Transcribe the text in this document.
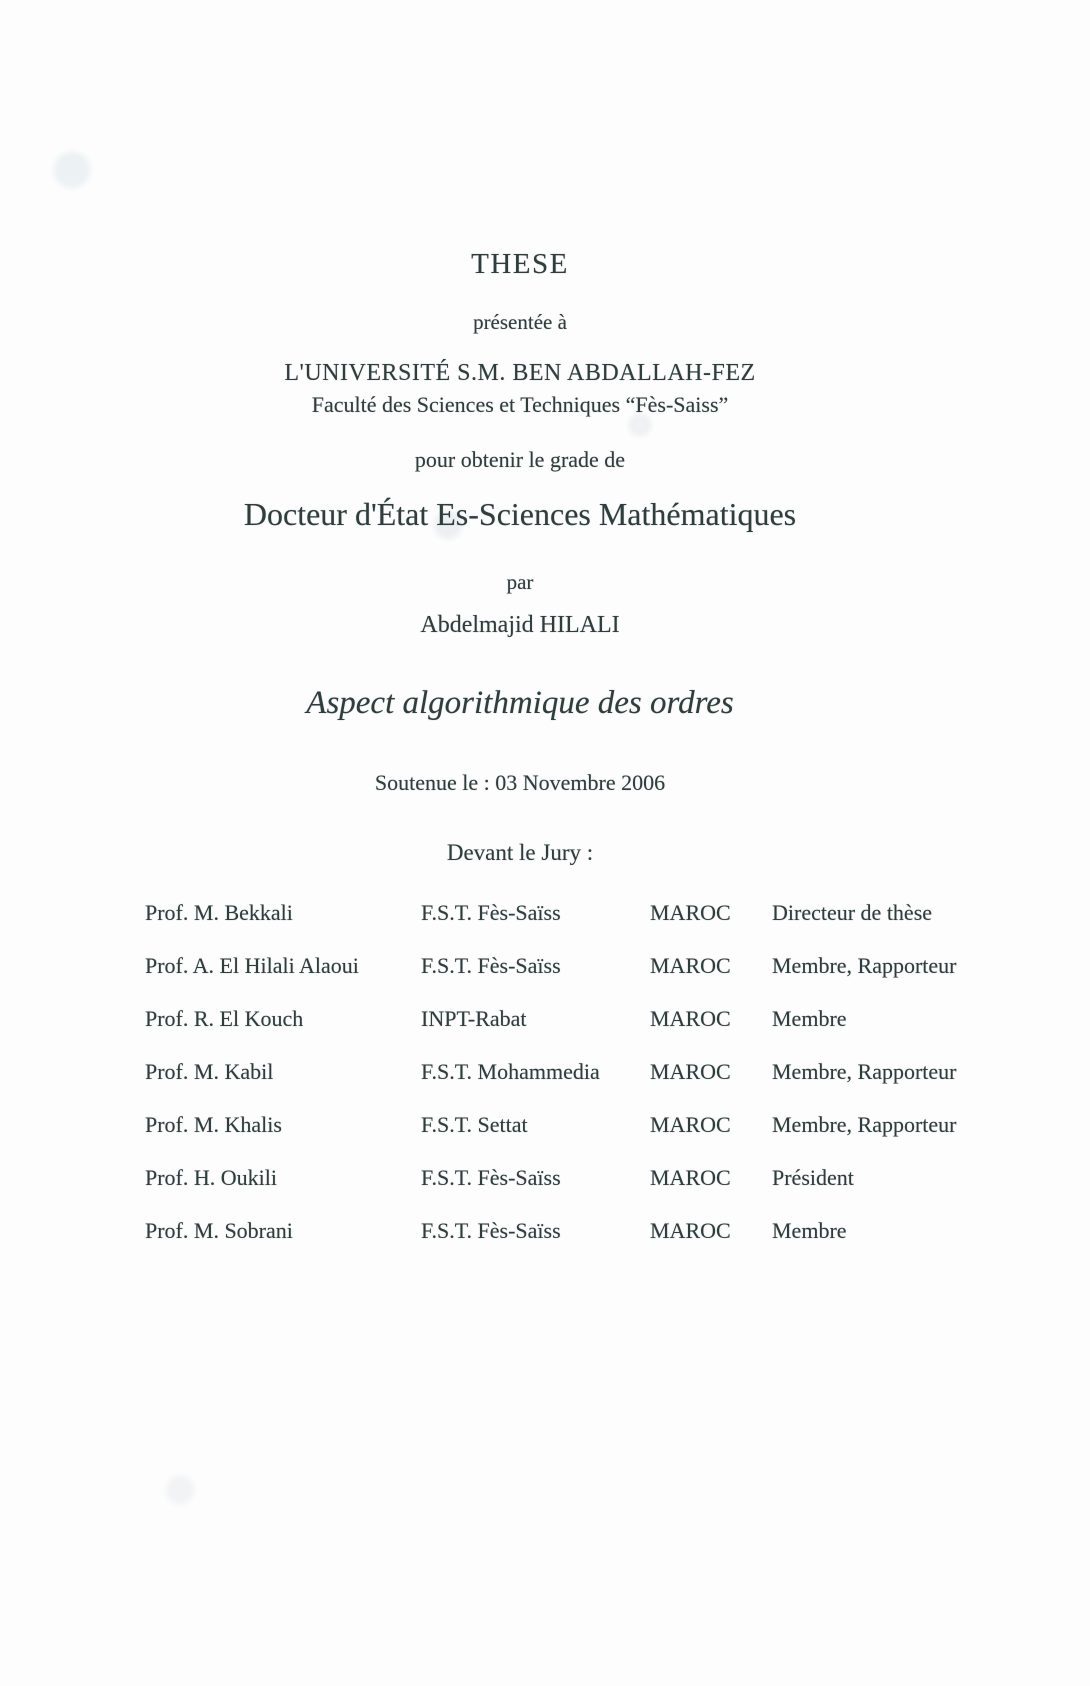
THESE
présentée à
L'UNIVERSITÉ S.M. BEN ABDALLAH-FEZ
Faculté des Sciences et Techniques “Fès-Saiss”
pour obtenir le grade de
Docteur d'État Es-Sciences Mathématiques
par
Abdelmajid HILALI
Aspect algorithmique des ordres
Soutenue le : 03 Novembre 2006
Devant le Jury :
Prof. M. Bekkali	F.S.T. Fès-Saïss	MAROC Directeur de thèse
Prof. A. El Hilali Alaoui	F.S.T. Fès-Saïss	MAROC Membre, Rapporteur
Prof. R. El Kouch	INPT-Rabat	MAROC Membre
Prof. M. Kabil	F.S.T. Mohammedia MAROC Membre, Rapporteur
Prof. M. Khalis	F.S.T. Settat	MAROC Membre, Rapporteur
Prof. H. Oukili	F.S.T. Fès-Saïss	MAROC Président
Prof. M. Sobrani	F.S.T. Fès-Saïss	MAROC Membre
